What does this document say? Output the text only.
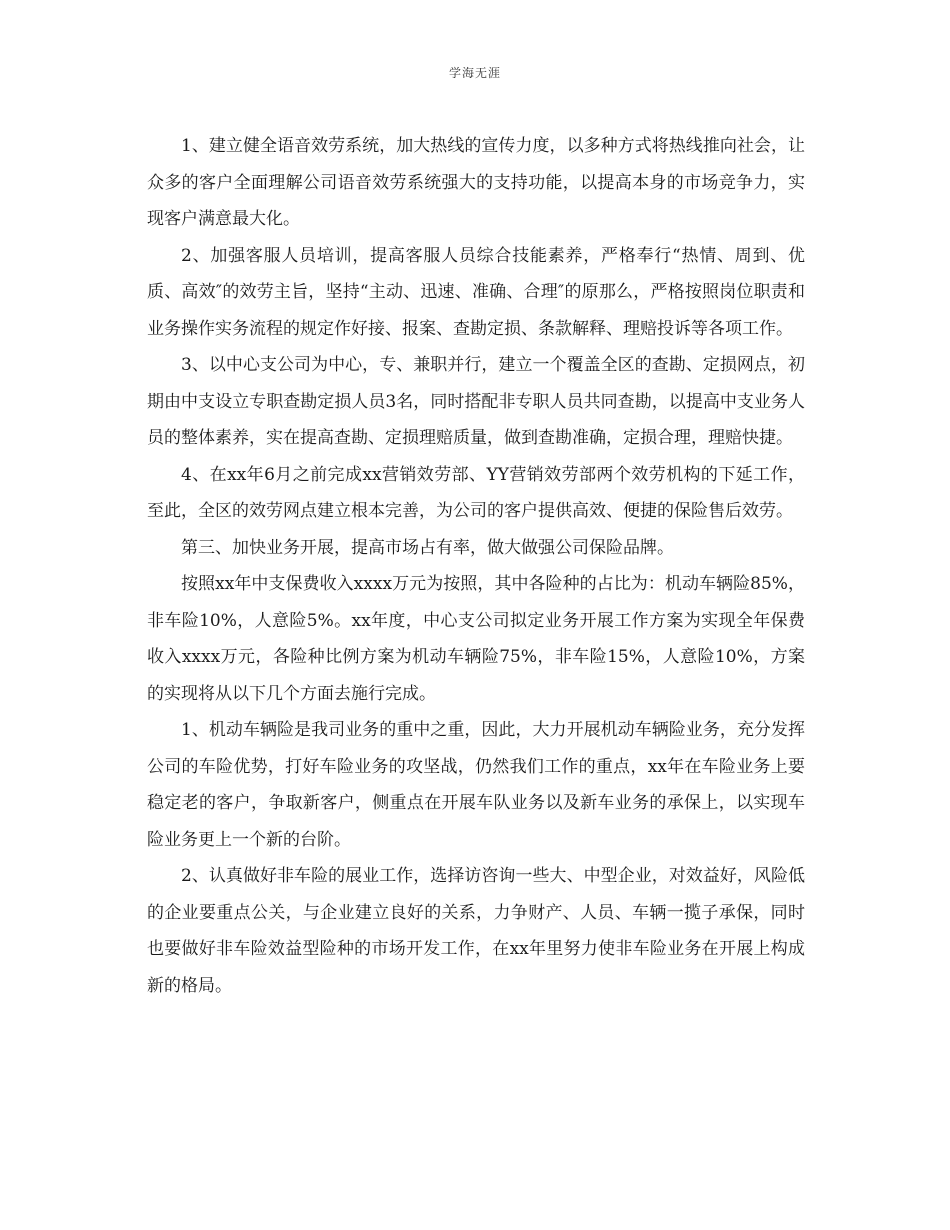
学海无涯

1、建立健全语音效劳系统，加大热线的宣传力度，以多种方式将热线推向社会，让众多的客户全面理解公司语音效劳系统强大的支持功能，以提高本身的市场竞争力，实现客户满意最大化。

2、加强客服人员培训，提高客服人员综合技能素养，严格奉行“热情、周到、优质、高效″的效劳主旨，坚持“主动、迅速、准确、合理″的原那么，严格按照岗位职责和业务操作实务流程的规定作好接、报案、查勘定损、条款解释、理赔投诉等各项工作。

3、以中心支公司为中心，专、兼职并行，建立一个覆盖全区的查勘、定损网点，初期由中支设立专职查勘定损人员3名，同时搭配非专职人员共同查勘，以提高中支业务人员的整体素养，实在提高查勘、定损理赔质量，做到查勘准确，定损合理，理赔快捷。

4、在xx年6月之前完成xx营销效劳部、YY营销效劳部两个效劳机构的下延工作，至此，全区的效劳网点建立根本完善，为公司的客户提供高效、便捷的保险售后效劳。

第三、加快业务开展，提高市场占有率，做大做强公司保险品牌。

按照xx年中支保费收入xxxx万元为按照，其中各险种的占比为：机动车辆险85%，非车险10%，人意险5%。xx年度，中心支公司拟定业务开展工作方案为实现全年保费收入xxxx万元，各险种比例方案为机动车辆险75%，非车险15%，人意险10%，方案的实现将从以下几个方面去施行完成。

1、机动车辆险是我司业务的重中之重，因此，大力开展机动车辆险业务，充分发挥公司的车险优势，打好车险业务的攻坚战，仍然我们工作的重点，xx年在车险业务上要稳定老的客户，争取新客户，侧重点在开展车队业务以及新车业务的承保上，以实现车险业务更上一个新的台阶。

2、认真做好非车险的展业工作，选择访咨询一些大、中型企业，对效益好，风险低的企业要重点公关，与企业建立良好的关系，力争财产、人员、车辆一揽子承保，同时也要做好非车险效益型险种的市场开发工作，在xx年里努力使非车险业务在开展上构成新的格局。
